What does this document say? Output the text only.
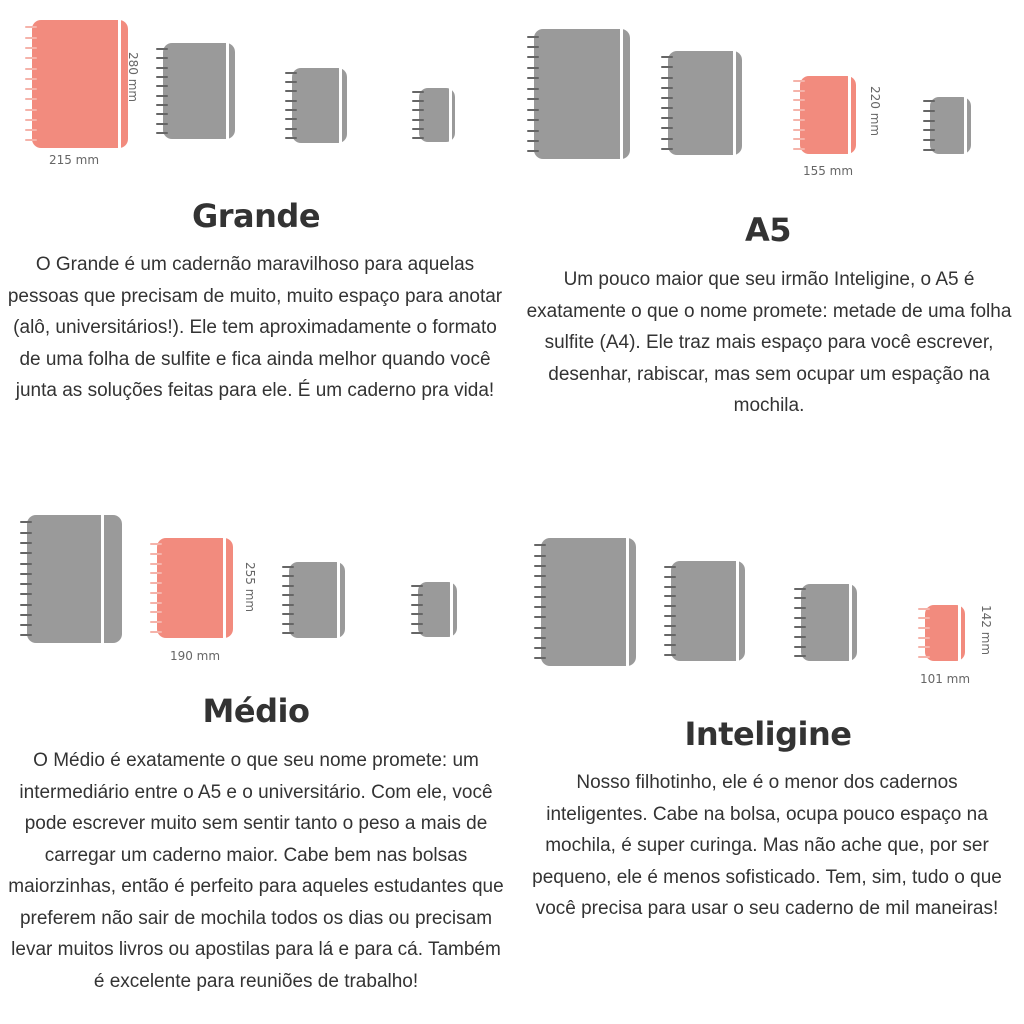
280 mm
215 mm
Grande
O Grande é um cadernão maravilhoso para aquelas pessoas que precisam de muito, muito espaço para anotar (alô, universitários!). Ele tem aproximadamente o formato de uma folha de sulfite e fica ainda melhor quando você junta as soluções feitas para ele. É um caderno pra vida!
220 mm
155 mm
A5
Um pouco maior que seu irmão Inteligine, o A5 é exatamente o que o nome promete: metade de uma folha sulfite (A4). Ele traz mais espaço para você escrever, desenhar, rabiscar, mas sem ocupar um espação na mochila.
255 mm
190 mm
Médio
O Médio é exatamente o que seu nome promete: um intermediário entre o A5 e o universitário. Com ele, você pode escrever muito sem sentir tanto o peso a mais de carregar um caderno maior. Cabe bem nas bolsas maiorzinhas, então é perfeito para aqueles estudantes que preferem não sair de mochila todos os dias ou precisam levar muitos livros ou apostilas para lá e para cá. Também é excelente para reuniões de trabalho!
142 mm
101 mm
Inteligine
Nosso filhotinho, ele é o menor dos cadernos inteligentes. Cabe na bolsa, ocupa pouco espaço na mochila, é super curinga. Mas não ache que, por ser pequeno, ele é menos sofisticado. Tem, sim, tudo o que você precisa para usar o seu caderno de mil maneiras!
